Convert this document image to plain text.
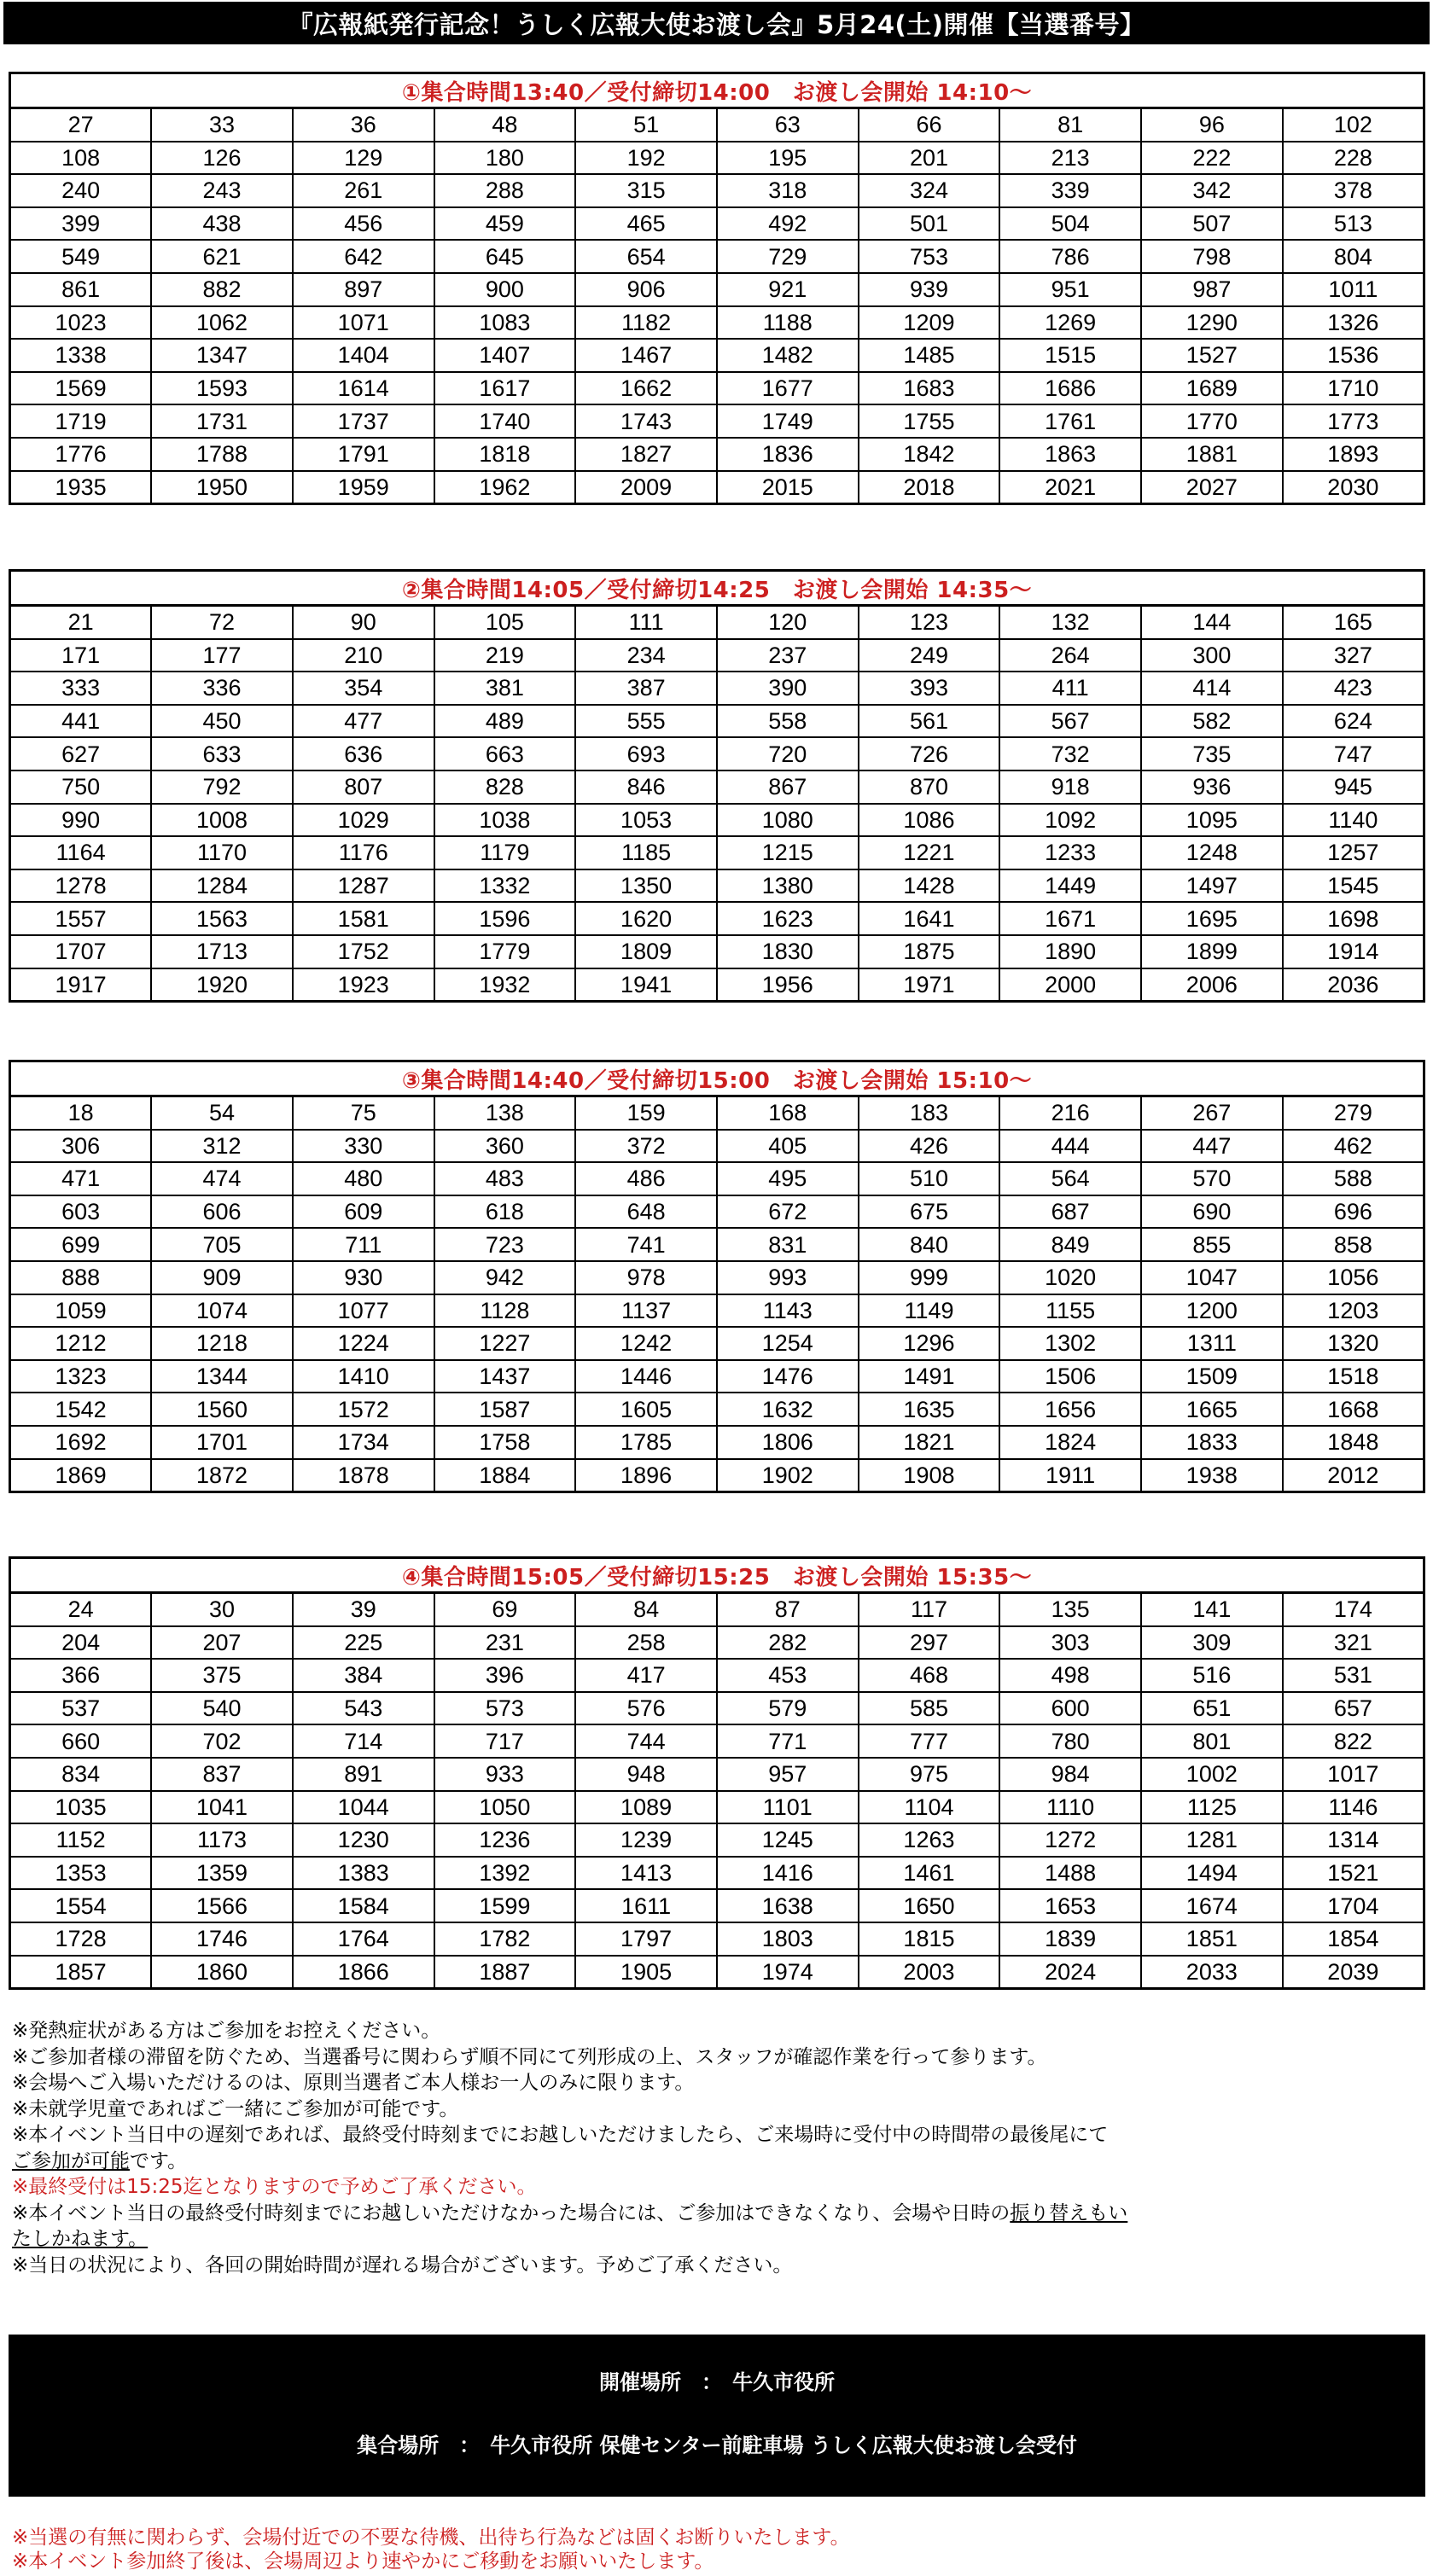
『広報紙発行記念！うしく広報大使お渡し会』5月24(土)開催【当選番号】
①集合時間13:40／受付締切14:00　お渡し会開始 14:10～									
27	33	36	48	51	63	66	81	96	102
108	126	129	180	192	195	201	213	222	228
240	243	261	288	315	318	324	339	342	378
399	438	456	459	465	492	501	504	507	513
549	621	642	645	654	729	753	786	798	804
861	882	897	900	906	921	939	951	987	1011
1023	1062	1071	1083	1182	1188	1209	1269	1290	1326
1338	1347	1404	1407	1467	1482	1485	1515	1527	1536
1569	1593	1614	1617	1662	1677	1683	1686	1689	1710
1719	1731	1737	1740	1743	1749	1755	1761	1770	1773
1776	1788	1791	1818	1827	1836	1842	1863	1881	1893
1935	1950	1959	1962	2009	2015	2018	2021	2027	2030
②集合時間14:05／受付締切14:25　お渡し会開始 14:35～									
21	72	90	105	111	120	123	132	144	165
171	177	210	219	234	237	249	264	300	327
333	336	354	381	387	390	393	411	414	423
441	450	477	489	555	558	561	567	582	624
627	633	636	663	693	720	726	732	735	747
750	792	807	828	846	867	870	918	936	945
990	1008	1029	1038	1053	1080	1086	1092	1095	1140
1164	1170	1176	1179	1185	1215	1221	1233	1248	1257
1278	1284	1287	1332	1350	1380	1428	1449	1497	1545
1557	1563	1581	1596	1620	1623	1641	1671	1695	1698
1707	1713	1752	1779	1809	1830	1875	1890	1899	1914
1917	1920	1923	1932	1941	1956	1971	2000	2006	2036
③集合時間14:40／受付締切15:00　お渡し会開始 15:10～									
18	54	75	138	159	168	183	216	267	279
306	312	330	360	372	405	426	444	447	462
471	474	480	483	486	495	510	564	570	588
603	606	609	618	648	672	675	687	690	696
699	705	711	723	741	831	840	849	855	858
888	909	930	942	978	993	999	1020	1047	1056
1059	1074	1077	1128	1137	1143	1149	1155	1200	1203
1212	1218	1224	1227	1242	1254	1296	1302	1311	1320
1323	1344	1410	1437	1446	1476	1491	1506	1509	1518
1542	1560	1572	1587	1605	1632	1635	1656	1665	1668
1692	1701	1734	1758	1785	1806	1821	1824	1833	1848
1869	1872	1878	1884	1896	1902	1908	1911	1938	2012
④集合時間15:05／受付締切15:25　お渡し会開始 15:35～									
24	30	39	69	84	87	117	135	141	174
204	207	225	231	258	282	297	303	309	321
366	375	384	396	417	453	468	498	516	531
537	540	543	573	576	579	585	600	651	657
660	702	714	717	744	771	777	780	801	822
834	837	891	933	948	957	975	984	1002	1017
1035	1041	1044	1050	1089	1101	1104	1110	1125	1146
1152	1173	1230	1236	1239	1245	1263	1272	1281	1314
1353	1359	1383	1392	1413	1416	1461	1488	1494	1521
1554	1566	1584	1599	1611	1638	1650	1653	1674	1704
1728	1746	1764	1782	1797	1803	1815	1839	1851	1854
1857	1860	1866	1887	1905	1974	2003	2024	2033	2039
※発熱症状がある方はご参加をお控えください。
※ご参加者様の滞留を防ぐため、当選番号に関わらず順不同にて列形成の上、スタッフが確認作業を行って参ります。
※会場へご入場いただけるのは、原則当選者ご本人様お一人のみに限ります。
※未就学児童であればご一緒にご参加が可能です。
※本イベント当日中の遅刻であれば、最終受付時刻までにお越しいただけましたら、ご来場時に受付中の時間帯の最後尾にて
ご参加が可能です。
※最終受付は15:25迄となりますので予めご了承ください。
※本イベント当日の最終受付時刻までにお越しいただけなかった場合には、ご参加はできなくなり、会場や日時の振り替えもい
たしかねます。
※当日の状況により、各回の開始時間が遅れる場合がございます。予めご了承ください。
開催場所　：　牛久市役所
集合場所　：　牛久市役所 保健センター前駐車場 うしく広報大使お渡し会受付
※当選の有無に関わらず、会場付近での不要な待機、出待ち行為などは固くお断りいたします。
※本イベント参加終了後は、会場周辺より速やかにご移動をお願いいたします。
